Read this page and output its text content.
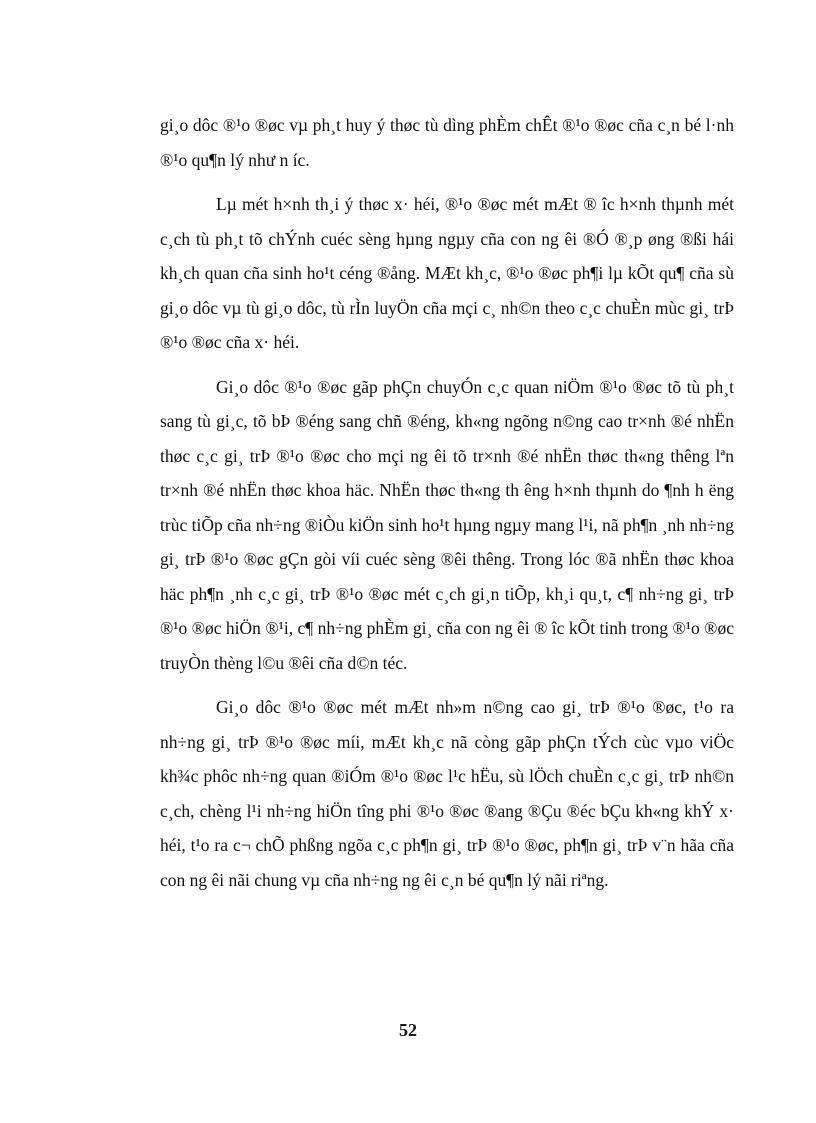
gi¸o dôc ®¹o ®øc vµ ph¸t huy ý thøc tù dìng phÈm chÊt ®¹o ®øc cña c¸n bé l·nh ®¹o qu¶n lý như n íc.

Lµ mét h×nh th¸i ý thøc x· héi, ®¹o ®øc mét mÆt ® îc h×nh thµnh mét c¸ch tù ph¸t tõ chÝnh cuéc sèng hµng ngµy cña con ng êi ®Ó ®¸p øng ®ßi hái kh¸ch quan cña sinh ho¹t céng ®ång. MÆt kh¸c, ®¹o ®øc ph¶i lµ kÕt qu¶ cña sù gi¸o dôc vµ tù gi¸o dôc, tù rÌn luyÖn cña mçi c¸ nh©n theo c¸c chuÈn mùc gi¸ trÞ ®¹o ®øc cña x· héi.

Gi¸o dôc ®¹o ®øc gãp phÇn chuyÓn c¸c quan niÖm ®¹o ®øc tõ tù ph¸t sang tù gi¸c, tõ bÞ ®éng sang chñ ®éng, kh«ng ngõng n©ng cao tr×nh ®é nhËn thøc c¸c gi¸ trÞ ®¹o ®øc cho mçi ng êi tõ tr×nh ®é nhËn thøc th«ng thêng lªn tr×nh ®é nhËn thøc khoa häc. NhËn thøc th«ng th êng h×nh thµnh do ¶nh h ëng trùc tiÕp cña nh÷ng ®iÒu kiÖn sinh ho¹t hµng ngµy mang l¹i, nã ph¶n ¸nh nh÷ng gi¸ trÞ ®¹o ®øc gÇn gòi víi cuéc sèng ®êi thêng. Trong lóc ®ã nhËn thøc khoa häc ph¶n ¸nh c¸c gi¸ trÞ ®¹o ®øc mét c¸ch gi¸n tiÕp, kh¸i qu¸t, c¶ nh÷ng gi¸ trÞ ®¹o ®øc hiÖn ®¹i, c¶ nh÷ng phÈm gi¸ cña con ng êi ® îc kÕt tinh trong ®¹o ®øc truyÒn thèng l©u ®êi cña d©n téc.

Gi¸o dôc ®¹o ®øc mét mÆt nh»m n©ng cao gi¸ trÞ ®¹o ®øc, t¹o ra nh÷ng gi¸ trÞ ®¹o ®øc míi, mÆt kh¸c nã còng gãp phÇn tÝch cùc vµo viÖc kh¾c phôc nh÷ng quan ®iÓm ®¹o ®øc l¹c hËu, sù lÖch chuÈn c¸c gi¸ trÞ nh©n c¸ch, chèng l¹i nh÷ng hiÖn tîng phi ®¹o ®øc ®ang ®Çu ®éc bÇu kh«ng khÝ x· héi, t¹o ra c¬ chÕ phßng ngõa c¸c ph¶n gi¸ trÞ ®¹o ®øc, ph¶n gi¸ trÞ v¨n hãa cña con ng êi nãi chung vµ cña nh÷ng ng êi c¸n bé qu¶n lý nãi riªng.

52
